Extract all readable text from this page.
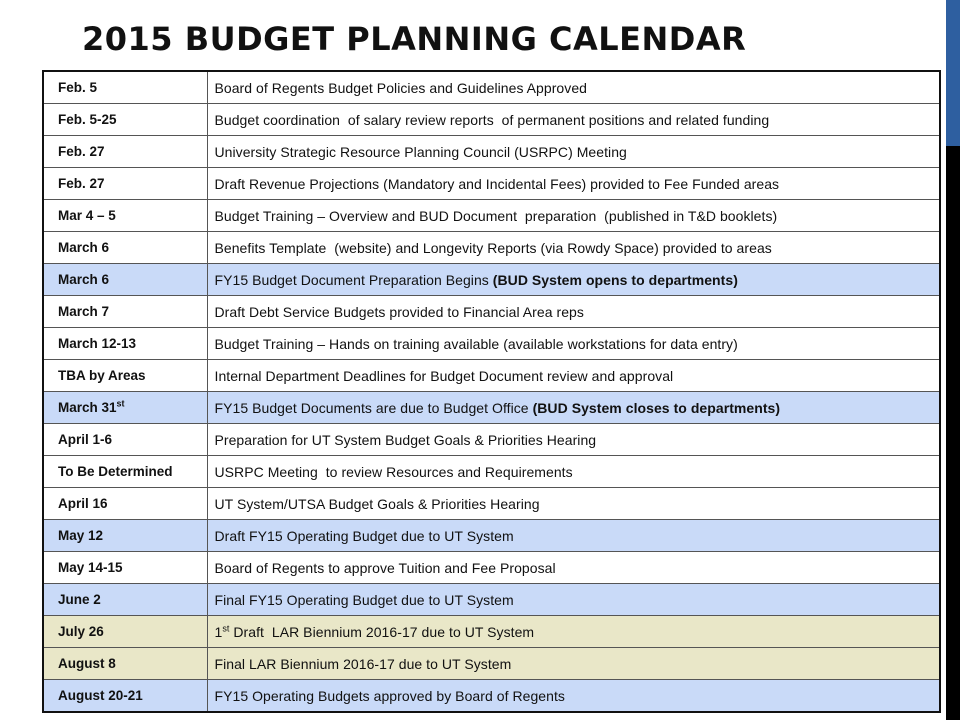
2015 BUDGET PLANNING CALENDAR
Feb. 5	Board of Regents Budget Policies and Guidelines Approved
Feb. 5-25	Budget coordination  of salary review reports  of permanent positions and related funding
Feb. 27	University Strategic Resource Planning Council (USRPC) Meeting
Feb. 27	Draft Revenue Projections (Mandatory and Incidental Fees) provided to Fee Funded areas
Mar 4 – 5	Budget Training – Overview and BUD Document  preparation  (published in T&D booklets)
March 6	Benefits Template  (website) and Longevity Reports (via Rowdy Space) provided to areas
March 6	FY15 Budget Document Preparation Begins (BUD System opens to departments)
March 7	Draft Debt Service Budgets provided to Financial Area reps
March 12-13	Budget Training – Hands on training available (available workstations for data entry)
TBA by Areas	Internal Department Deadlines for Budget Document review and approval
March 31st	FY15 Budget Documents are due to Budget Office (BUD System closes to departments)
April 1-6	Preparation for UT System Budget Goals & Priorities Hearing
To Be Determined	USRPC Meeting  to review Resources and Requirements
April 16	UT System/UTSA Budget Goals & Priorities Hearing
May 12	Draft FY15 Operating Budget due to UT System
May 14-15	Board of Regents to approve Tuition and Fee Proposal
June 2	Final FY15 Operating Budget due to UT System
July 26	1st Draft  LAR Biennium 2016-17 due to UT System
August 8	Final LAR Biennium 2016-17 due to UT System
August 20-21	FY15 Operating Budgets approved by Board of Regents
